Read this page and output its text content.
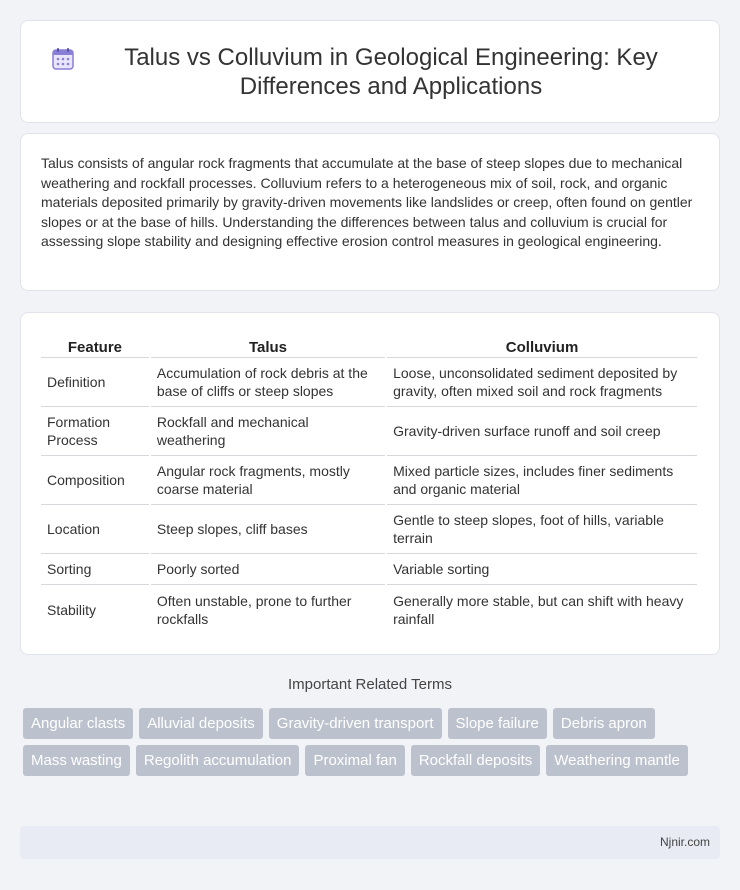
Talus vs Colluvium in Geological Engineering: Key Differences and Applications

Talus consists of angular rock fragments that accumulate at the base of steep slopes due to mechanical weathering and rockfall processes. Colluvium refers to a heterogeneous mix of soil, rock, and organic materials deposited primarily by gravity-driven movements like landslides or creep, often found on gentler slopes or at the base of hills. Understanding the differences between talus and colluvium is crucial for assessing slope stability and designing effective erosion control measures in geological engineering.

Feature	Talus	Colluvium
Definition	Accumulation of rock debris at the base of cliffs or steep slopes	Loose, unconsolidated sediment deposited by gravity, often mixed soil and rock fragments
Formation Process	Rockfall and mechanical weathering	Gravity-driven surface runoff and soil creep
Composition	Angular rock fragments, mostly coarse material	Mixed particle sizes, includes finer sediments and organic material
Location	Steep slopes, cliff bases	Gentle to steep slopes, foot of hills, variable terrain
Sorting	Poorly sorted	Variable sorting
Stability	Often unstable, prone to further rockfalls	Generally more stable, but can shift with heavy rainfall
Important Related Terms
Angular clasts	Alluvial deposits	Gravity-driven transport	Slope failure	Debris apron
Mass wasting	Regolith accumulation	Proximal fan	Rockfall deposits	Weathering mantle
Njnir.com
